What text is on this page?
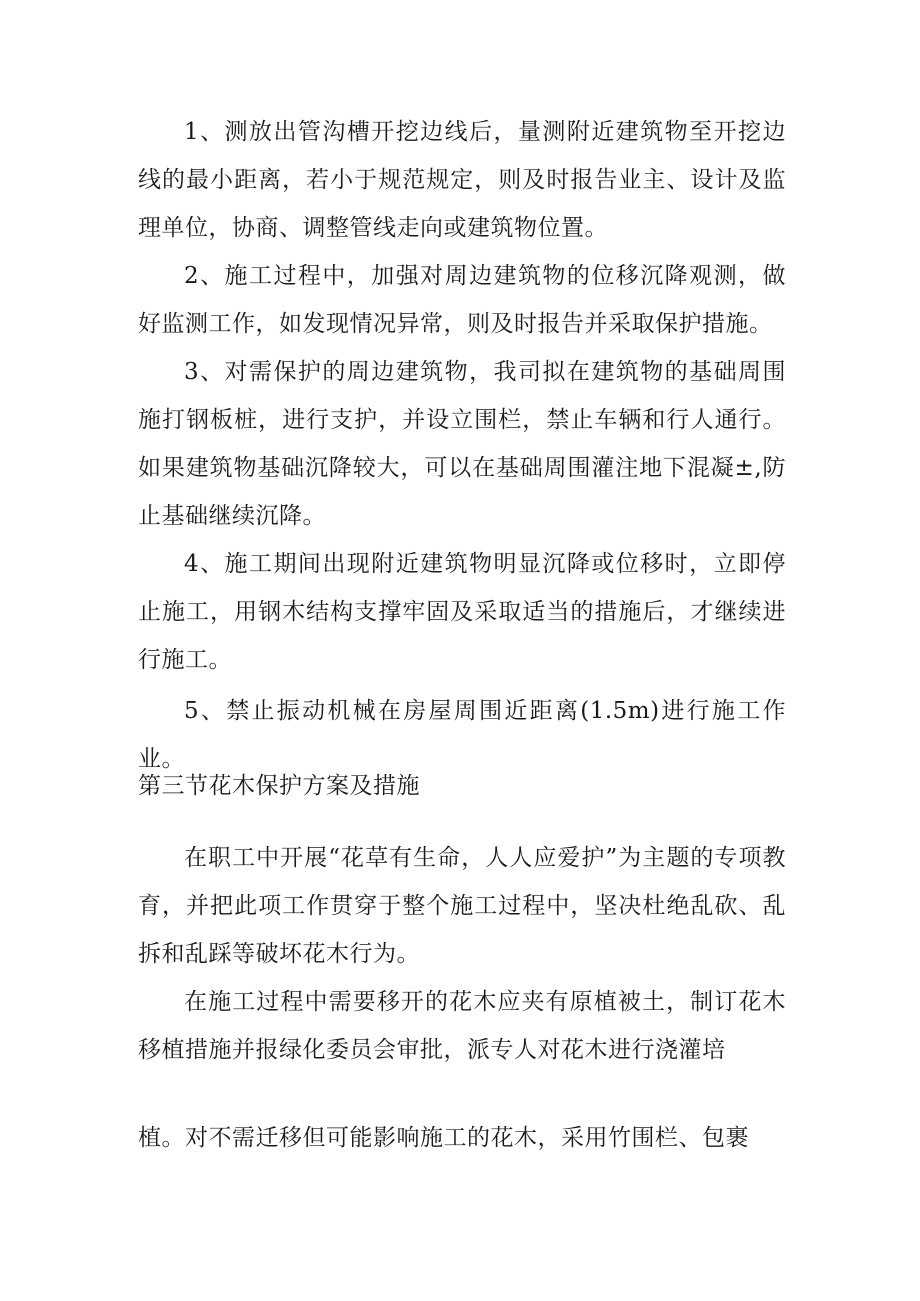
1、测放出管沟槽开挖边线后，量测附近建筑物至开挖边线的最小距离，若小于规范规定，则及时报告业主、设计及监理单位，协商、调整管线走向或建筑物位置。

2、施工过程中，加强对周边建筑物的位移沉降观测，做好监测工作，如发现情况异常，则及时报告并采取保护措施。

3、对需保护的周边建筑物，我司拟在建筑物的基础周围施打钢板桩，进行支护，并设立围栏，禁止车辆和行人通行。如果建筑物基础沉降较大，可以在基础周围灌注地下混凝±,防止基础继续沉降。

4、施工期间出现附近建筑物明显沉降或位移时，立即停止施工，用钢木结构支撑牢固及采取适当的措施后，才继续进行施工。

5、禁止振动机械在房屋周围近距离(1.5m)进行施工作业。

第三节花木保护方案及措施

在职工中开展“花草有生命，人人应爱护”为主题的专项教育，并把此项工作贯穿于整个施工过程中，坚决杜绝乱砍、乱拆和乱踩等破坏花木行为。

在施工过程中需要移开的花木应夹有原植被土，制订花木移植措施并报绿化委员会审批，派专人对花木进行浇灌培

植。对不需迁移但可能影响施工的花木，采用竹围栏、包裹
